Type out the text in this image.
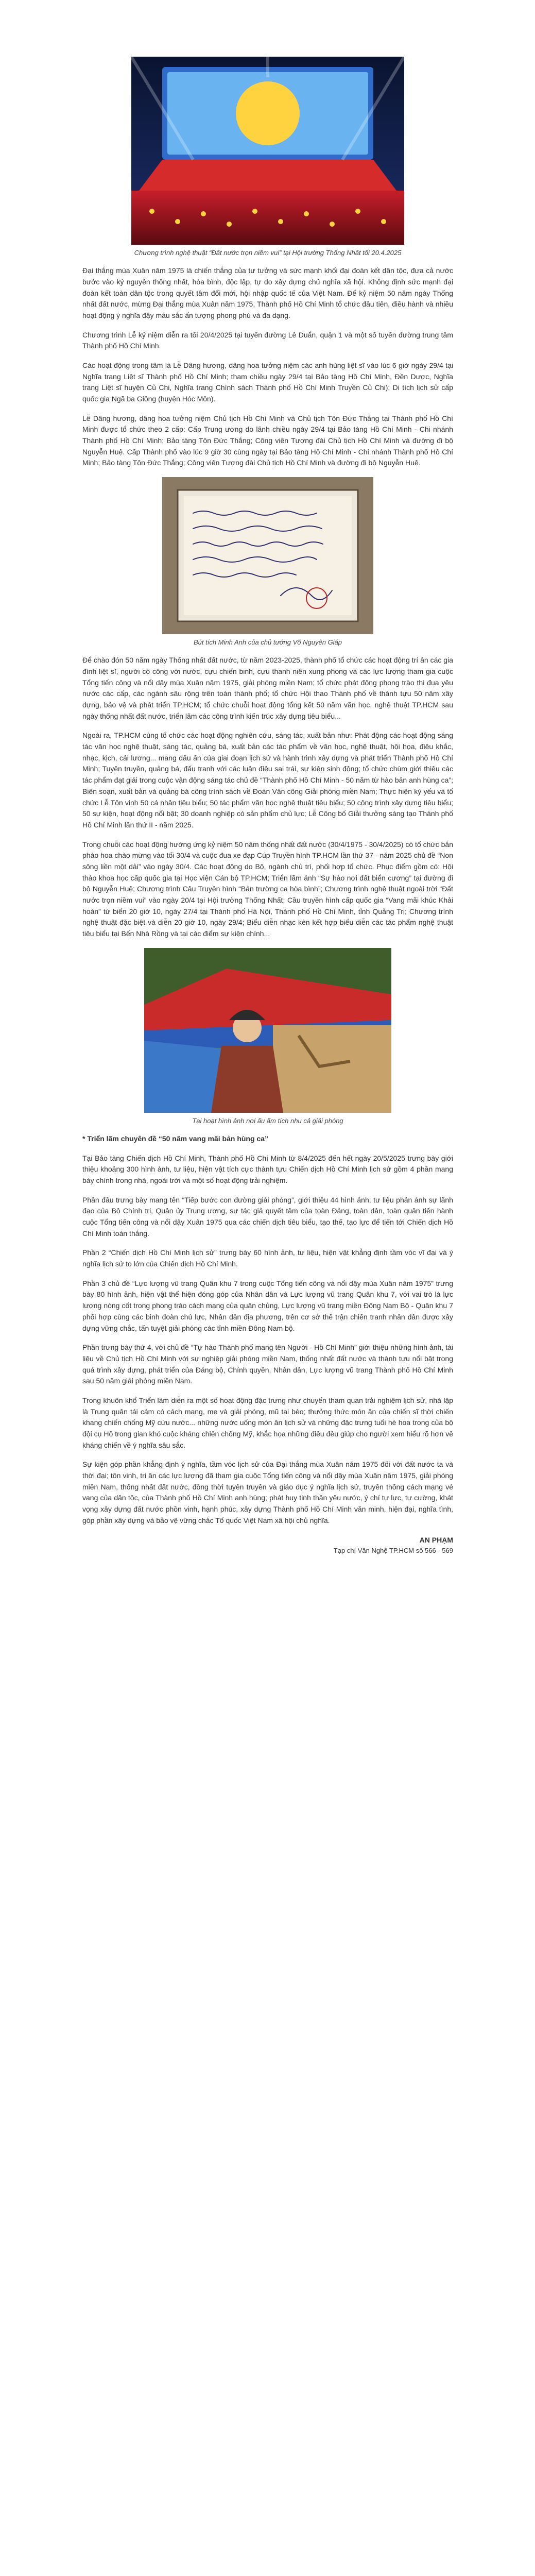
Chương trình nghệ thuật “Đất nước trọn niềm vui” tại Hội trường Thống Nhất tối 20.4.2025

Đại thắng mùa Xuân năm 1975 là chiến thắng của tư tưởng và sức mạnh khối đại đoàn kết dân tộc, đưa cả nước bước vào kỷ nguyên thống nhất, hòa bình, độc lập, tự do xây dựng chủ nghĩa xã hội. Không định sức mạnh đại đoàn kết toàn dân tộc trong quyết tâm đổi mới, hội nhập quốc tế của Việt Nam. Để kỷ niệm 50 năm ngày Thống nhất đất nước, mừng Đại thắng mùa Xuân năm 1975, Thành phố Hồ Chí Minh tổ chức đầu tiên, điều hành và nhiều hoạt động ý nghĩa đậy màu sắc ấn tượng phong phú và đa dạng.

Chương trình Lễ kỷ niệm diễn ra tối 20/4/2025 tại tuyến đường Lê Duẩn, quận 1 và một số tuyến đường trung tâm Thành phố Hồ Chí Minh.

Các hoạt động trong tâm là Lễ Dâng hương, dâng hoa tưởng niệm các anh hùng liệt sĩ vào lúc 6 giờ ngày 29/4 tại Nghĩa trang Liệt sĩ Thành phố Hồ Chí Minh; tham chiều ngày 29/4 tại Bảo tàng Hồ Chí Minh, Đền Dược, Nghĩa trang Liệt sĩ huyện Củ Chi, Nghĩa trang Chính sách Thành phố Hồ Chí Minh Truyền Củ Chi); Di tích lịch sử cấp quốc gia Ngã ba Giồng (huyện Hóc Môn).

Lễ Dâng hương, dâng hoa tưởng niệm Chủ tịch Hồ Chí Minh và Chủ tịch Tôn Đức Thắng tại Thành phố Hồ Chí Minh được tổ chức theo 2 cấp: Cấp Trung ương do lãnh chiều ngày 29/4 tại Bảo tàng Hồ Chí Minh - Chi nhánh Thành phố Hồ Chí Minh; Bảo tàng Tôn Đức Thắng; Công viên Tượng đài Chủ tịch Hồ Chí Minh và đường đi bộ Nguyễn Huệ. Cấp Thành phố vào lúc 9 giờ 30 cùng ngày tại Bảo tàng Hồ Chí Minh - Chi nhánh Thành phố Hồ Chí Minh; Bảo tàng Tôn Đức Thắng; Công viên Tượng đài Chủ tịch Hồ Chí Minh và đường đi bộ Nguyễn Huệ.

Bút tích Minh Anh của chủ tướng Võ Nguyên Giáp

Để chào đón 50 năm ngày Thống nhất đất nước, từ năm 2023-2025, thành phố tổ chức các hoạt động trí ân các gia đình liệt sĩ, người có công với nước, cựu chiến binh, cựu thanh niên xung phong và các lực lượng tham gia cuộc Tổng tiến công và nổi dậy mùa Xuân năm 1975, giải phóng miền Nam; tổ chức phát động phong trào thi đua yêu nước các cấp, các ngành sâu rộng trên toàn thành phố; tổ chức Hội thao Thành phố về thành tựu 50 năm xây dựng, bảo vệ và phát triển TP.HCM; tổ chức chuỗi hoạt động tổng kết 50 năm văn học, nghệ thuật TP.HCM sau ngày thống nhất đất nước, triển lãm các công trình kiến trúc xây dựng tiêu biểu...

Ngoài ra, TP.HCM cùng tổ chức các hoạt động nghiên cứu, sáng tác, xuất bản như: Phát động các hoạt động sáng tác văn học nghệ thuật, sáng tác, quảng bá, xuất bản các tác phẩm về văn học, nghệ thuật, hội họa, điêu khắc, nhạc, kịch, cải lương... mang dấu ấn của giai đoạn lịch sử và hành trình xây dựng và phát triển Thành phố Hồ Chí Minh; Tuyên truyền, quảng bá, đấu tranh với các luận điệu sai trái, sự kiện sinh động; tổ chức chùm giới thiệu các tác phẩm đạt giải trong cuộc vận động sáng tác chủ đề “Thành phố Hồ Chí Minh - 50 năm từ hào bản anh hùng ca”; Biên soạn, xuất bản và quảng bá công trình sách về Đoàn Văn công Giải phóng miền Nam; Thực hiện ký yếu và tổ chức Lễ Tôn vinh 50 cá nhân tiêu biểu; 50 tác phẩm văn học nghệ thuật tiêu biểu; 50 công trình xây dựng tiêu biểu; 50 sự kiện, hoạt động nổi bật; 30 doanh nghiệp có sản phẩm chủ lực; Lễ Công bố Giải thưởng sáng tạo Thành phố Hồ Chí Minh lần thứ II - năm 2025.

Trong chuỗi các hoạt động hướng ứng kỷ niệm 50 năm thống nhất đất nước (30/4/1975 - 30/4/2025) có tổ chức bắn pháo hoa chào mừng vào tối 30/4 và cuộc đua xe đạp Cúp Truyền hình TP.HCM lần thứ 37 - năm 2025 chủ đề “Non sông liền một dải” vào ngày 30/4. Các hoạt động do Bộ, ngành chủ trì, phối hợp tổ chức. Phục điểm gồm có: Hội thảo khoa học cấp quốc gia tại Học viện Cán bộ TP.HCM; Triển lãm ảnh “Sự hào nơi đất biển cương” tại đường đi bộ Nguyễn Huệ; Chương trình Câu Truyền hình “Bản trường ca hòa bình”; Chương trình nghệ thuật ngoài trời “Đất nước trọn niềm vui” vào ngày 20/4 tại Hội trường Thống Nhất; Cầu truyền hình cấp quốc gia “Vang mãi khúc Khải hoàn” từ biển 20 giờ 10, ngày 27/4 tại Thành phố Hà Nội, Thành phố Hồ Chí Minh, tỉnh Quảng Trị; Chương trình nghệ thuật đặc biệt và diễn 20 giờ 10, ngày 29/4; Biểu diễn nhạc kèn kết hợp biểu diễn các tác phẩm nghệ thuật tiêu biểu tại Bến Nhà Rồng và tại các điểm sự kiện chính...

Tại hoạt hình ảnh nơi ấu ấm tích nhu cả giải phóng
* Triển lãm chuyên đề “50 năm vang mãi bản hùng ca”

Tại Bảo tàng Chiến dịch Hồ Chí Minh, Thành phố Hồ Chí Minh từ 8/4/2025 đến hết ngày 20/5/2025 trưng bày giới thiệu khoảng 300 hình ảnh, tư liệu, hiện vật tích cực thành tựu Chiến dịch Hồ Chí Minh lịch sử gồm 4 phần mang bày chính trong nhà, ngoài trời và một số hoạt động trải nghiệm.

Phần đầu trưng bày mang tên “Tiếp bước con đường giải phóng”, giới thiệu 44 hình ảnh, tư liệu phản ánh sự lãnh đạo của Bộ Chính trị, Quân ủy Trung ương, sự tác giả quyết tâm của toàn Đảng, toàn dân, toàn quân tiến hành cuộc Tổng tiến công và nổi dậy Xuân 1975 qua các chiến dịch tiêu biểu, tạo thế, tạo lực để tiến tới Chiến dịch Hồ Chí Minh toàn thắng.

Phần 2 “Chiến dịch Hồ Chí Minh lịch sử” trưng bày 60 hình ảnh, tư liệu, hiện vật khẳng định tầm vóc vĩ đại và ý nghĩa lịch sử to lớn của Chiến dịch Hồ Chí Minh.

Phần 3 chủ đề “Lực lượng vũ trang Quân khu 7 trong cuộc Tổng tiến công và nổi dậy mùa Xuân năm 1975” trưng bày 80 hình ảnh, hiện vật thể hiện đóng góp của Nhân dân và Lực lượng vũ trang Quân khu 7, với vai trò là lực lượng nòng cốt trong phong trào cách mạng của quân chủng, Lực lượng vũ trang miền Đông Nam Bộ - Quân khu 7 phối hợp cùng các binh đoàn chủ lực, Nhân dân địa phương, trên cơ sở thế trận chiến tranh nhân dân được xây dựng vững chắc, tấn tuyệt giải phóng các tỉnh miền Đông Nam bộ.

Phần trưng bày thứ 4, với chủ đề “Tự hào Thành phố mang tên Người - Hồ Chí Minh” giới thiệu những hình ảnh, tài liệu về Chủ tịch Hồ Chí Minh với sự nghiệp giải phóng miền Nam, thống nhất đất nước và thành tựu nổi bật trong quá trình xây dựng, phát triển của Đảng bộ, Chính quyền, Nhân dân, Lực lượng vũ trang Thành phố Hồ Chí Minh sau 50 năm giải phóng miền Nam.

Trong khuôn khổ Triển lãm diễn ra một số hoạt động đặc trưng như chuyến tham quan trải nghiệm lịch sử, nhà lập là Trung quân tái cám có cách mạng, mẹ và giải phóng, mũ tai bèo; thưởng thức món ăn của chiến sĩ thời chiến khang chiến chống Mỹ cứu nước... những nước uống món ăn lịch sử và những đặc trưng tuổi hè hoa trong của bộ đội cụ Hồ trong gian khó cuộc kháng chiến chống Mỹ, khắc họa những điều đều giúp cho người xem hiểu rõ hơn về kháng chiến về ý nghĩa sâu sắc.

Sự kiện góp phần khẳng định ý nghĩa, tầm vóc lịch sử của Đại thắng mùa Xuân năm 1975 đối với đất nước ta và thời đại; tôn vinh, tri ân các lực lượng đã tham gia cuộc Tổng tiến công và nổi dậy mùa Xuân năm 1975, giải phóng miền Nam, thống nhất đất nước, đồng thời tuyên truyền và giáo dục ý nghĩa lịch sử, truyền thống cách mạng vẻ vang của dân tộc, của Thành phố Hồ Chí Minh anh hùng; phát huy tinh thần yêu nước, ý chí tự lực, tự cường, khát vọng xây dựng đất nước phồn vinh, hạnh phúc, xây dựng Thành phố Hồ Chí Minh văn minh, hiện đại, nghĩa tình, góp phần xây dựng và bảo vệ vững chắc Tổ quốc Việt Nam xã hội chủ nghĩa.

AN PHẠM
Tạp chí Văn Nghệ TP.HCM số 566 - 569
